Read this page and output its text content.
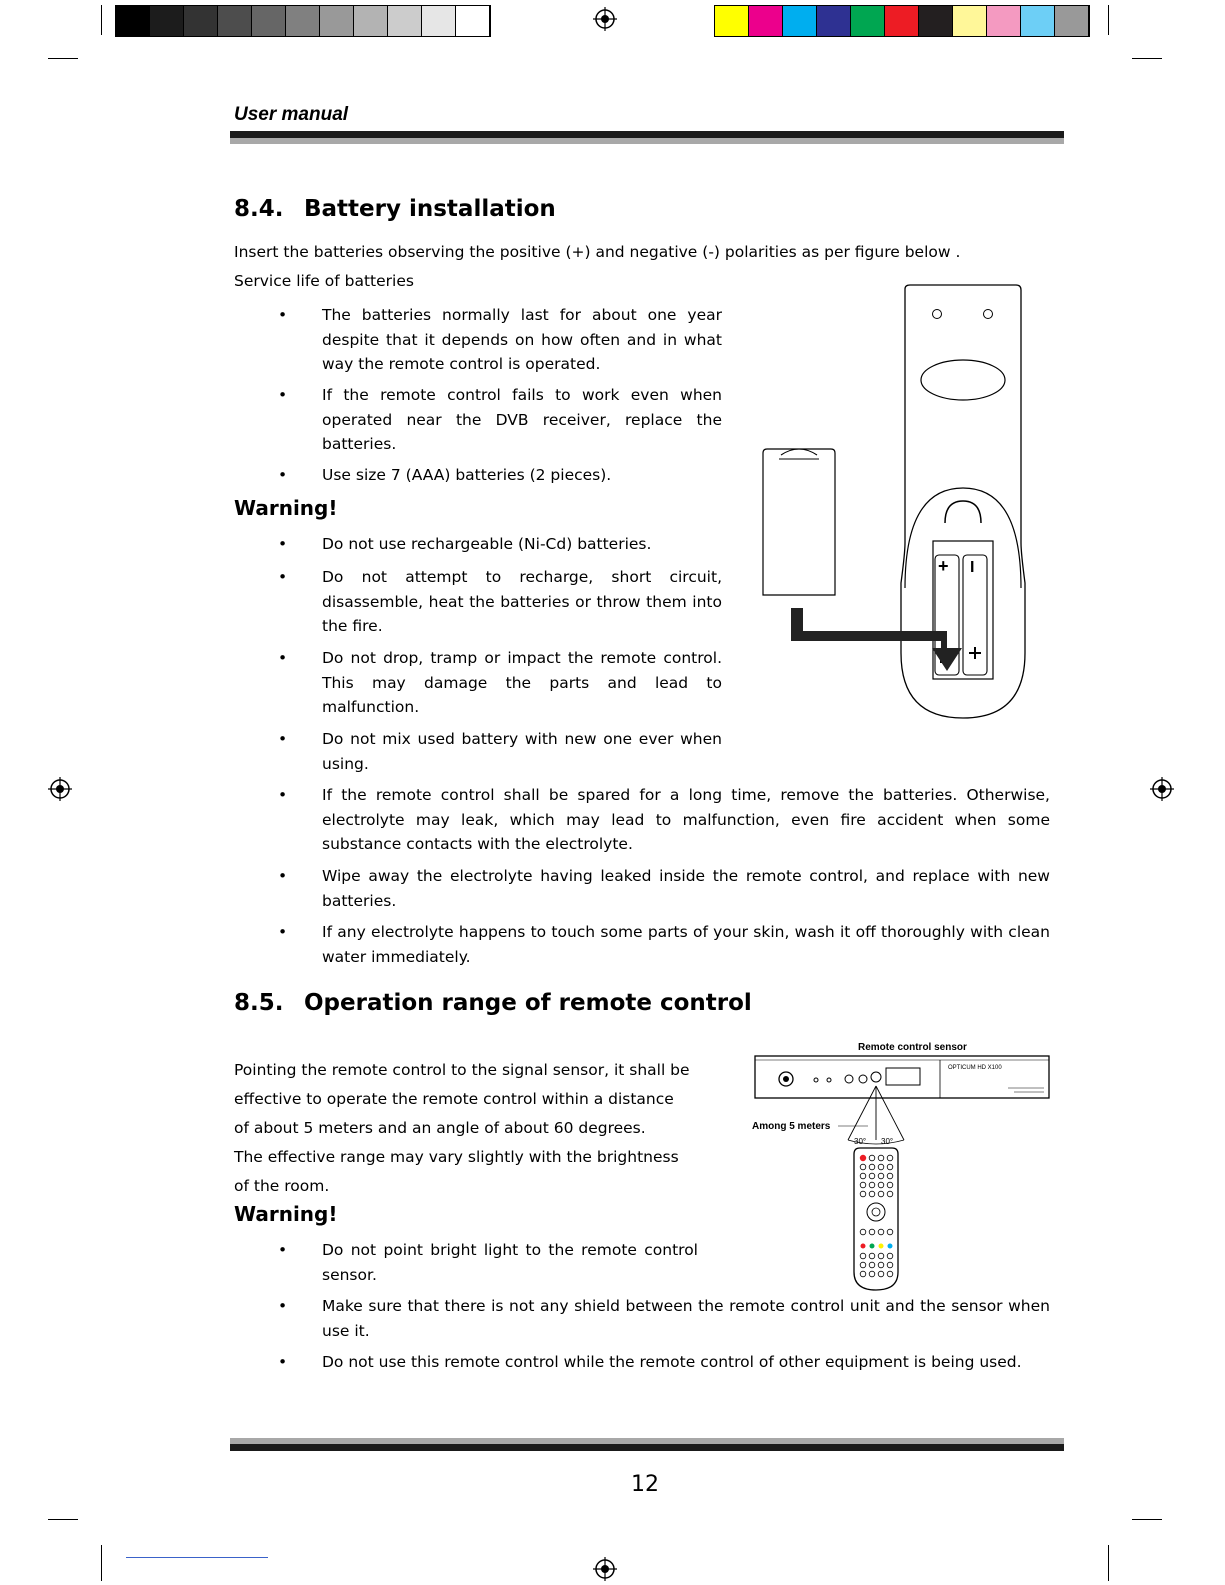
User manual
8.4. Battery installation
Insert the batteries observing the positive (+) and negative (-) polarities as per figure below .
Service life of batteries
• The batteries normally last for about one year despite that it depends on how often and in what way the remote control is operated.
• If the remote control fails to work even when operated near the DVB receiver, replace the batteries.
• Use size 7 (AAA) batteries (2 pieces).
Warning!
• Do not use rechargeable (Ni-Cd) batteries.
• Do not attempt to recharge, short circuit, disassemble, heat the batteries or throw them into the fire.
• Do not drop, tramp or impact the remote control. This may damage the parts and lead to malfunction.
• Do not mix used battery with new one ever when using.
• If the remote control shall be spared for a long time, remove the batteries. Otherwise, electrolyte may leak, which may lead to malfunction, even fire accident when some substance contacts with the electrolyte.
• Wipe away the electrolyte having leaked inside the remote control, and replace with new batteries.
• If any electrolyte happens to touch some parts of your skin, wash it off thoroughly with clean water immediately.
+ I
8.5. Operation range of remote control
Pointing the remote control to the signal sensor, it shall be
effective to operate the remote control within a distance
of about 5 meters and an angle of about 60 degrees.
The effective range may vary slightly with the brightness
of the room.
Warning!
• Do not point bright light to the remote control sensor.
• Make sure that there is not any shield between the remote control unit and the sensor when use it.
• Do not use this remote control while the remote control of other equipment is being used.
Remote control sensor
OPTICUM HD X100
Among 5 meters
30° 30°
12
